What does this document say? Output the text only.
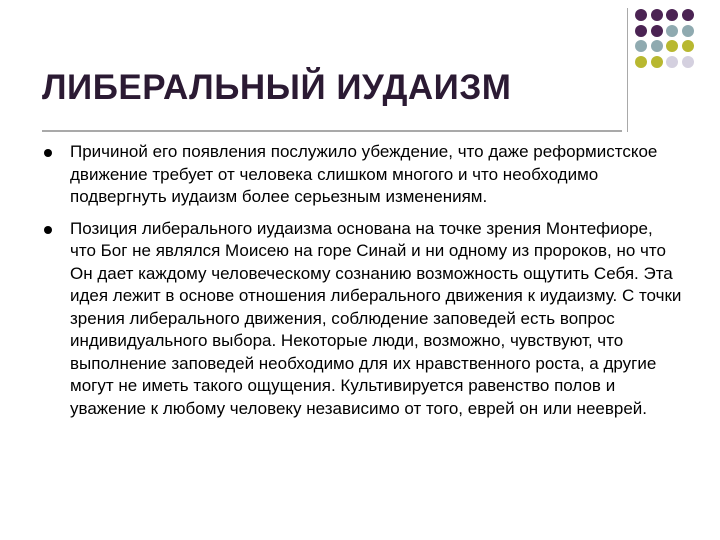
ЛИБЕРАЛЬНЫЙ ИУДАИЗМ
Причиной его появления послужило убеждение, что даже реформистское движение требует от человека слишком многого и что необходимо подвергнуть иудаизм более серьезным изменениям.
Позиция либерального иудаизма основана на точке зрения Монтефиоре, что Бог не являлся Моисею на горе Синай и ни одному из пророков, но что Он дает каждому человеческому сознанию возможность ощутить Себя. Эта идея лежит в основе отношения либерального движения к иудаизму. С точки зрения либерального движения, соблюдение заповедей есть вопрос индивидуального выбора. Некоторые люди, возможно, чувствуют, что выполнение заповедей необходимо для их нравственного роста, а другие могут не иметь такого ощущения. Культивируется равенство полов и уважение к любому человеку независимо от того, еврей он или нееврей.
